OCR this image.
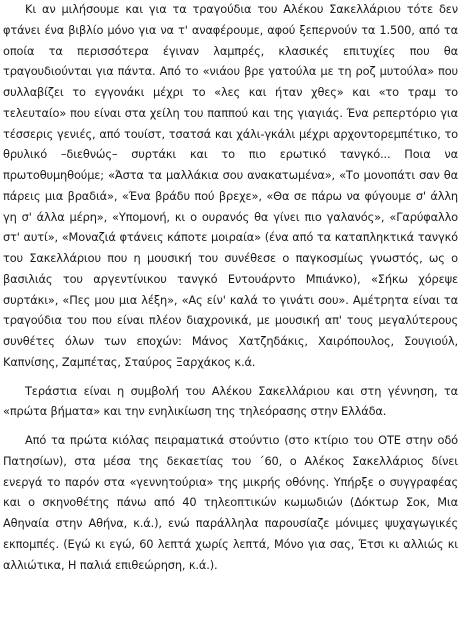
Κι αν μιλήσουμε και για τα τραγούδια του Αλέκου Σακελλάριου τότε δεν φτάνει ένα βιβλίο μόνο για να τ' αναφέρουμε, αφού ξεπερνούν τα 1.500, από τα οποία τα περισσότερα έγιναν λαμπρές, κλασικές επιτυχίες που θα τραγουδιούνται για πάντα. Από το «νιάου βρε γατούλα με τη ροζ μυτούλα» που συλλαβίζει το εγγονάκι μέχρι το «λες και ήταν χθες» και «το τραμ το τελευταίο» που είναι στα χείλη του παππού και της γιαγιάς. Ένα ρεπερτόριο για τέσσερις γενιές, από τουίστ, τσατσά και χάλι-γκάλι μέχρι αρχοντορεμπέτικο, το θρυλικό –διεθνώς– συρτάκι και το πιο ερωτικό τανγκό... Ποια να πρωτοθυμηθούμε; «Άστα τα μαλλάκια σου ανακατωμένα», «Το μονοπάτι σαν θα πάρεις μια βραδιά», «Ένα βράδυ πού βρεχε», «Θα σε πάρω να φύγουμε σ' άλλη γη σ' άλλα μέρη», «Υπομονή, κι ο ουρανός θα γίνει πιο γαλανός», «Γαρύφαλλο στ' αυτί», «Μοναζιά φτάνεις κάποτε μοιραία» (ένα από τα καταπληκτικά τανγκό του Σακελλάριου που η μουσική του συνέθεσε ο παγκοσμίως γνωστός, ως ο βασιλιάς του αργεντίνικου τανγκό Εντουάρντο Μπιάνκο), «Σήκω χόρεψε συρτάκι», «Πες μου μια λέξη», «Ας είν' καλά το γινάτι σου». Αμέτρητα είναι τα τραγούδια του που είναι πλέον διαχρονικά, με μουσική απ' τους μεγαλύτερους συνθέτες όλων των εποχών: Μάνος Χατζηδάκις, Χαιρόπουλος, Σουγιούλ, Καπνίσης, Ζαμπέτας, Σταύρος Ξαρχάκος κ.ά.

Τεράστια είναι η συμβολή του Αλέκου Σακελλάριου και στη γέννηση, τα «πρώτα βήματα» και την ενηλικίωση της τηλεόρασης στην Ελλάδα.

Από τα πρώτα κιόλας πειραματικά στούντιο (στο κτίριο του ΟΤΕ στην οδό Πατησίων), στα μέσα της δεκαετίας του ΄60, ο Αλέκος Σακελλάριος δίνει ενεργά το παρόν στα «γεννητούρια» της μικρής οθόνης. Υπήρξε ο συγγραφέας και ο σκηνοθέτης πάνω από 40 τηλεοπτικών κωμωδιών (Δόκτωρ Σοκ, Μια Αθηναία στην Αθήνα, κ.ά.), ενώ παράλληλα παρουσίαζε μόνιμες ψυχαγωγικές εκπομπές. (Εγώ κι εγώ, 60 λεπτά χωρίς λεπτά, Μόνο για σας, Έτσι κι αλλιώς κι αλλιώτικα, Η παλιά επιθεώρηση, κ.ά.).
